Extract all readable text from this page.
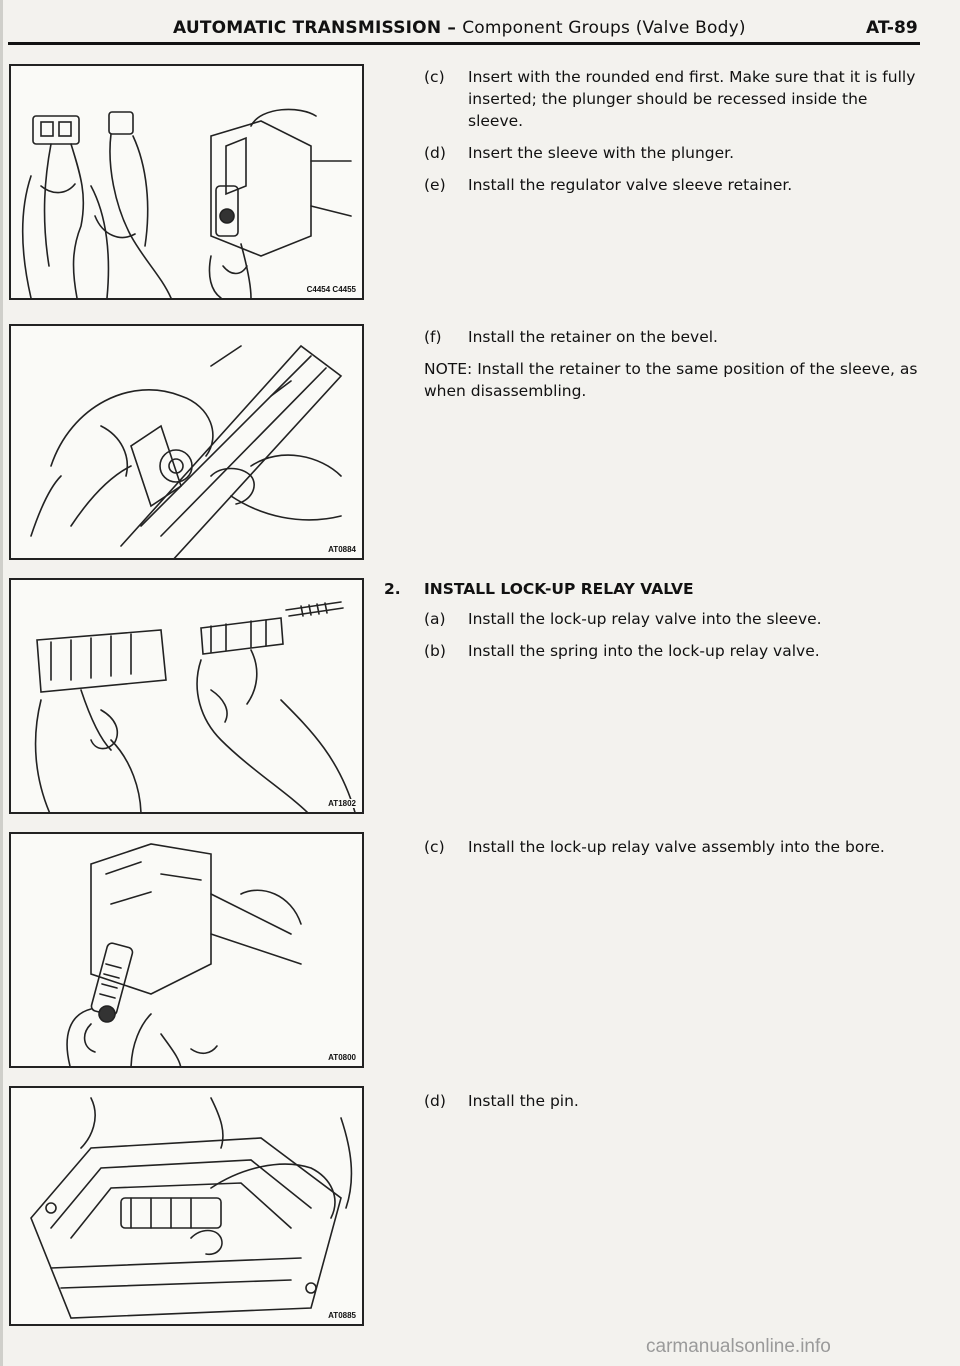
AUTOMATIC TRANSMISSION – Component Groups (Valve Body)	AT-89
C4454 C4455
AT0884
AT1802
AT0800
AT0885
(c) Insert with the rounded end first. Make sure that it is fully inserted; the plunger should be recessed inside the sleeve.
(d) Insert the sleeve with the plunger.
(e) Install the regulator valve sleeve retainer.
(f) Install the retainer on the bevel.
NOTE: Install the retainer to the same position of the sleeve, as when disassembling.
2. INSTALL LOCK-UP RELAY VALVE
(a) Install the lock-up relay valve into the sleeve.
(b) Install the spring into the lock-up relay valve.
(c) Install the lock-up relay valve assembly into the bore.
(d) Install the pin.
carmanualsonline.info
